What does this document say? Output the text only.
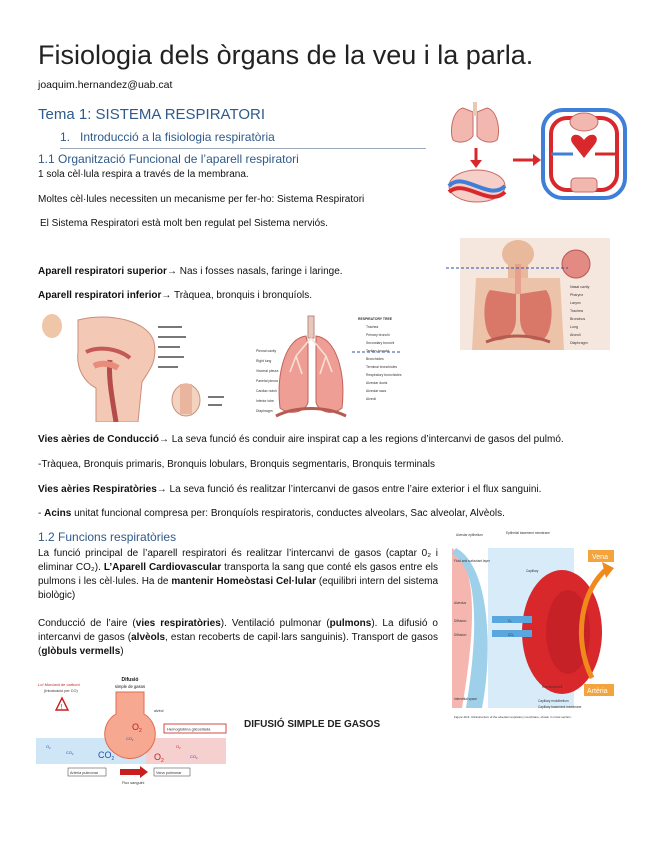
Fisiologia dels òrgans de la veu i la parla.
joaquim.hernandez@uab.cat
Tema 1: SISTEMA RESPIRATORI
1. Introducció a la fisiologia respiratòria
1.1 Organització Funcional de l’aparell respiratori
1 sola cèl·lula respira a través de la membrana.
Moltes cèl·lules necessiten un mecanisme per fer-ho: Sistema Respiratori
El Sistema Respiratori està molt ben regulat pel Sistema nerviós.
Aparell respiratori superior→ Nas i fosses nasals, faringe i laringe.
Aparell respiratori inferior→ Tràquea, bronquis i bronquíols.
Vies aèries de Conducció→ La seva funció és conduir aire inspirat cap a les regions d’intercanvi de gasos del pulmó.
-Tràquea, Bronquis primaris, Bronquis lobulars, Bronquis segmentaris, Bronquis terminals
Vies aèries Respiratòries→ La seva funció és realitzar l’intercanvi de gasos entre l’aire exterior i el flux sanguini.
- Acins unitat funcional compresa per: Bronquíols respiratoris, conductes alveolars, Sac alveolar, Alvèols.
1.2 Funcions respiratòries
La funció principal de l’aparell respiratori és realitzar l’intercanvi de gasos (captar 0₂ i eliminar CO₂). L’Aparell Cardiovascular transporta la sang que conté els gasos entre els pulmons i les cèl·lules. Ha de mantenir Homeòstasi Cel·lular (equilibri intern del sistema biològic)
Conducció de l’aire (vies respiratòries). Ventilació pulmonar (pulmons). La difusió o intercanvi de gasos (alvèols, estan recoberts de capil·lars sanguinis). Transport de gasos (glòbuls vermells)
Nasal cavity
Pharynx
Larynx
Trachea
Bronchus
Lung
Alveoli
Diaphragm
Pleural cavity
Right lung
Visceral pleura
Parietal pleura
Cardiac notch
Inferior lobe
Diaphragm
RESPIRATORY TREE
Trachea
Primary bronchi
Secondary bronchi
Tertiary bronchi
Bronchioles
Terminal bronchioles
Respiratory bronchioles
Alveolar ducts
Alveolar sacs
Alveoli
Alveolar epithelium	Epithelial basement membrane
Fluid and surfactant layer
Alveolus
Capillary
Diffusion	O₂
CO₂
Diffusion
Red blood cell
Interstitial space	Capillary endothelium
Capillary basement membrane
Figure 40-9. Ultrastructure of the alveolar respiratory membrane, shown in cross section.
Vena
Artèria
Difusió
simple de gasos
Lo! Monòxid de carboni
(Intoxicació per CO)
!	alvèol
$O_2$
$CO_2$	$O_2$
$CO_2$
$CO_2$
$O_2$	$O_2$
$CO_2$
Hemoglobina glicosilada
Artèria pulmonar	Vena pulmonar
Flux sanguini
DIFUSIÓ SIMPLE DE GASOS
